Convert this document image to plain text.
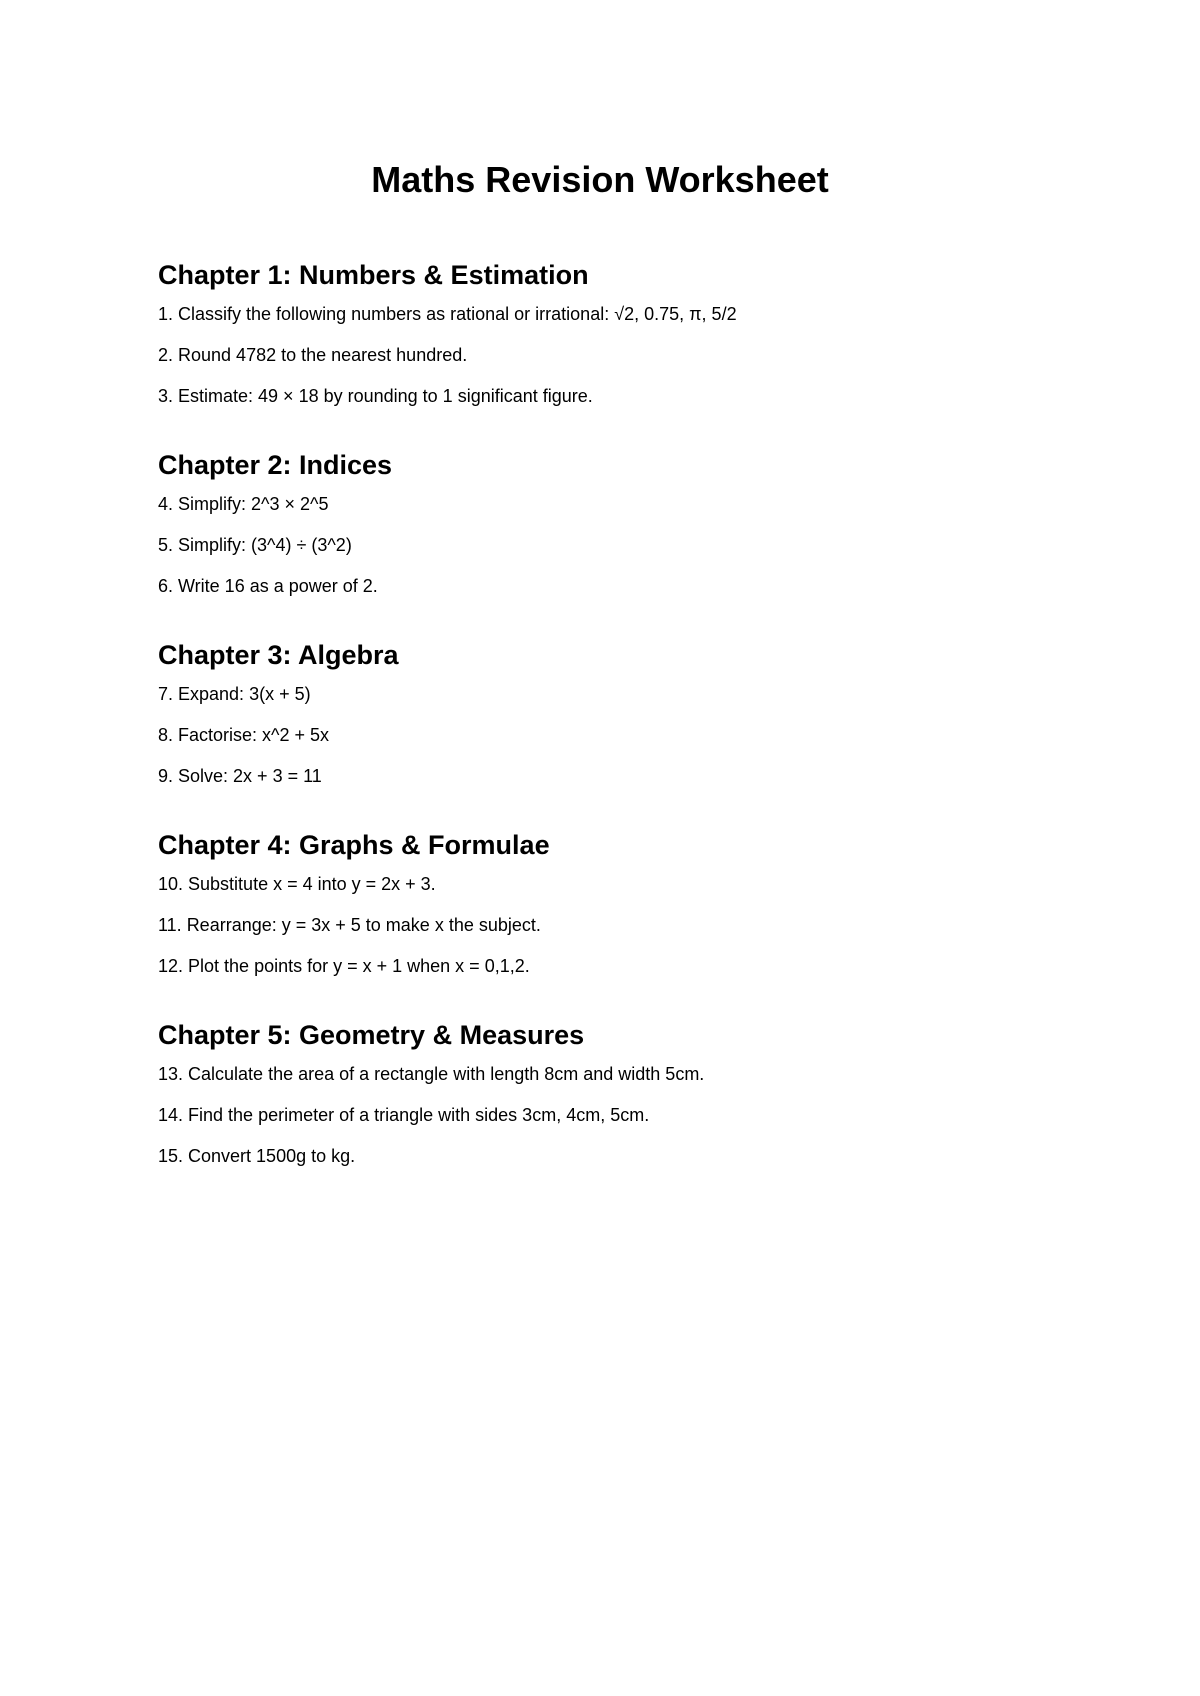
Maths Revision Worksheet
Chapter 1: Numbers & Estimation
1. Classify the following numbers as rational or irrational: √2, 0.75, π, 5/2
2. Round 4782 to the nearest hundred.
3. Estimate: 49 × 18 by rounding to 1 significant figure.
Chapter 2: Indices
4. Simplify: 2^3 × 2^5
5. Simplify: (3^4) ÷ (3^2)
6. Write 16 as a power of 2.
Chapter 3: Algebra
7. Expand: 3(x + 5)
8. Factorise: x^2 + 5x
9. Solve: 2x + 3 = 11
Chapter 4: Graphs & Formulae
10. Substitute x = 4 into y = 2x + 3.
11. Rearrange: y = 3x + 5 to make x the subject.
12. Plot the points for y = x + 1 when x = 0,1,2.
Chapter 5: Geometry & Measures
13. Calculate the area of a rectangle with length 8cm and width 5cm.
14. Find the perimeter of a triangle with sides 3cm, 4cm, 5cm.
15. Convert 1500g to kg.
